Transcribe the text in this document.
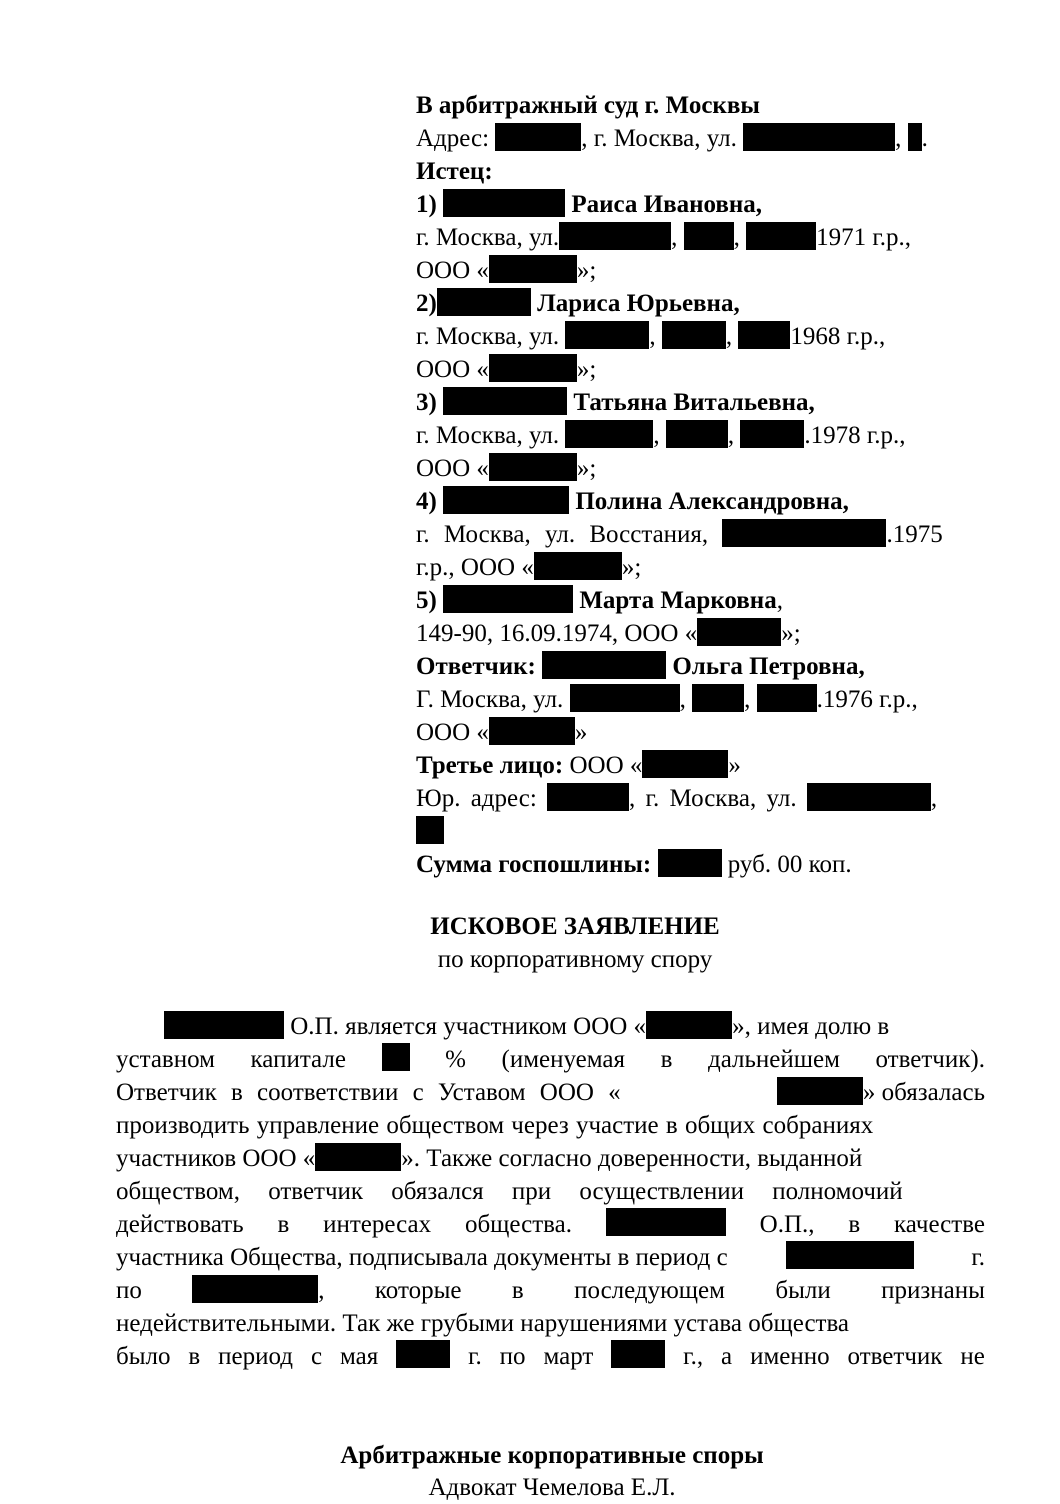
В арбитражный суд г. Москвы
Адрес:	, г. Москва, ул.	, .
Истец:
1)	Раиса Ивановна,
г. Москва, ул.	, ,	1971 г.р.,
ООО «	»;
2)	Лариса Юрьевна,
г. Москва, ул.	,	, 1968 г.р.,
ООО «	»;
3)	Татьяна Витальевна,
г. Москва, ул.	,	,	.1978 г.р.,
ООО «	»;
4)	Полина Александровна,
г. Москва, ул. Восстания,	.1975
г.р., ООО «	»;
5)	Марта Марковна,
149-90, 16.09.1974, ООО «	»;
Ответчик:	Ольга Петровна,
Г. Москва, ул.	, ,	.1976 г.р.,
ООО «	»
Третье лицо: ООО «	»
Юр. адрес:	, г. Москва, ул.	,
Сумма госпошлины:	руб. 00 коп.
ИСКОВОЕ ЗАЯВЛЕНИЕ
по корпоративному спору
О.П. является участником ООО «	», имея долю в
уставном капитале	% (именуемая в дальнейшем ответчик).
Ответчик в соответствии с Уставом ООО «	» обязалась
производить управление обществом через участие в общих собраниях
участников ООО «	». Также согласно доверенности, выданной
обществом, ответчик обязался при осуществлении полномочий
действовать в интересах общества.	О.П., в качестве
участника Общества, подписывала документы в период с	г.
по	, которые в последующем были признаны
недействительными. Так же грубыми нарушениями устава общества
было в период с мая	г. по март	г., а именно ответчик не
Арбитражные корпоративные споры
Адвокат Чемелова Е.Л.
